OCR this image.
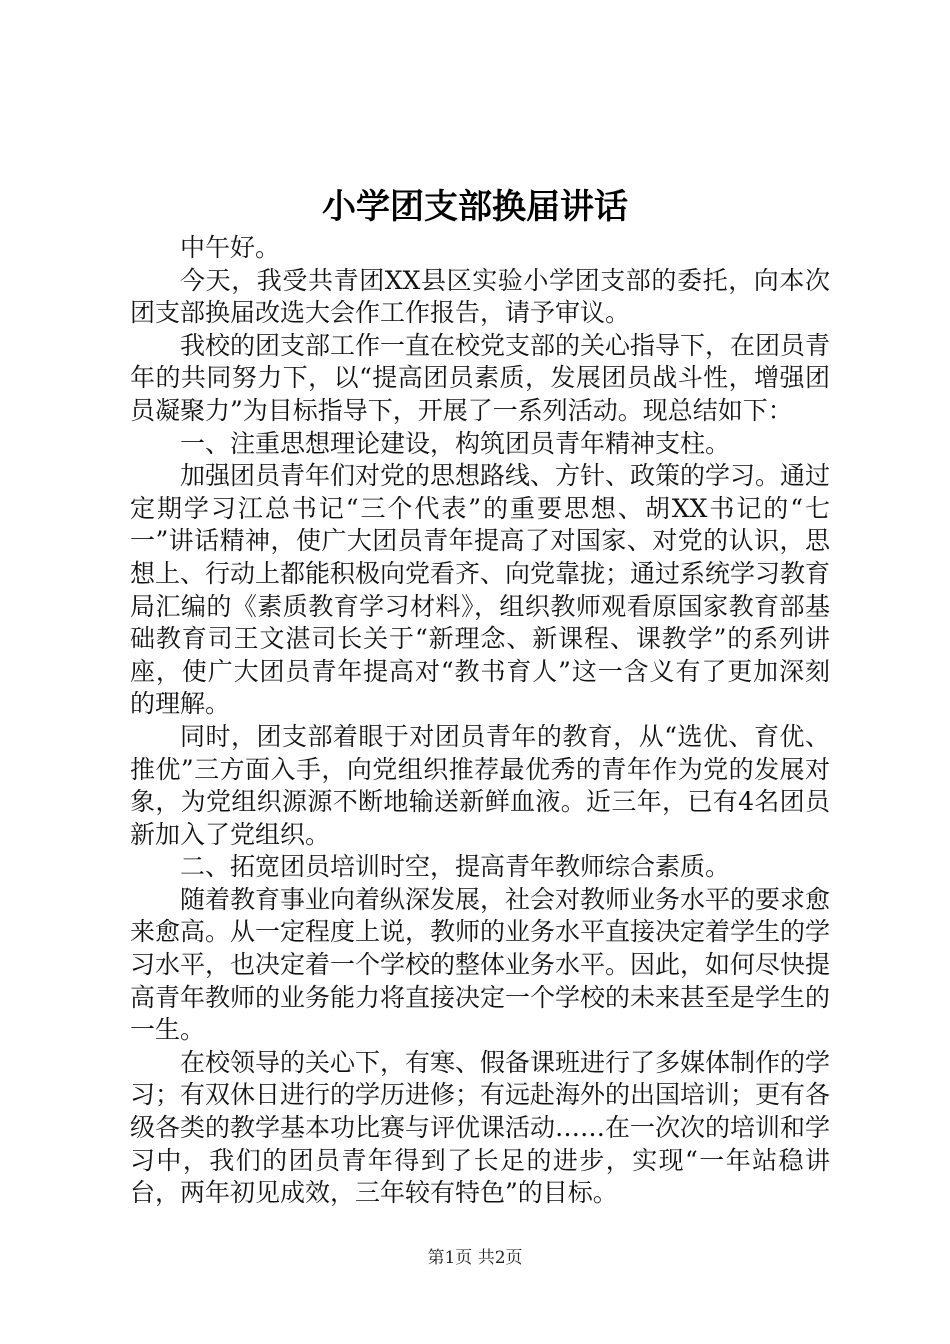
小学团支部换届讲话

中午好。

今天，我受共青团XX县区实验小学团支部的委托，向本次团支部换届改选大会作工作报告，请予审议。

我校的团支部工作一直在校党支部的关心指导下，在团员青年的共同努力下，以“提高团员素质，发展团员战斗性，增强团员凝聚力”为目标指导下，开展了一系列活动。现总结如下：

一、注重思想理论建设，构筑团员青年精神支柱。

加强团员青年们对党的思想路线、方针、政策的学习。通过定期学习江总书记“三个代表”的重要思想、胡XX书记的“七一”讲话精神，使广大团员青年提高了对国家、对党的认识，思想上、行动上都能积极向党看齐、向党靠拢；通过系统学习教育局汇编的《素质教育学习材料》，组织教师观看原国家教育部基础教育司王文湛司长关于“新理念、新课程、课教学”的系列讲座，使广大团员青年提高对“教书育人”这一含义有了更加深刻的理解。

同时，团支部着眼于对团员青年的教育，从“选优、育优、推优”三方面入手，向党组织推荐最优秀的青年作为党的发展对象，为党组织源源不断地输送新鲜血液。近三年，已有4名团员新加入了党组织。

二、拓宽团员培训时空，提高青年教师综合素质。

随着教育事业向着纵深发展，社会对教师业务水平的要求愈来愈高。从一定程度上说，教师的业务水平直接决定着学生的学习水平，也决定着一个学校的整体业务水平。因此，如何尽快提高青年教师的业务能力将直接决定一个学校的未来甚至是学生的一生。

在校领导的关心下，有寒、假备课班进行了多媒体制作的学习；有双休日进行的学历进修；有远赴海外的出国培训；更有各级各类的教学基本功比赛与评优课活动……在一次次的培训和学习中，我们的团员青年得到了长足的进步，实现“一年站稳讲台，两年初见成效，三年较有特色”的目标。

第1页 共2页
